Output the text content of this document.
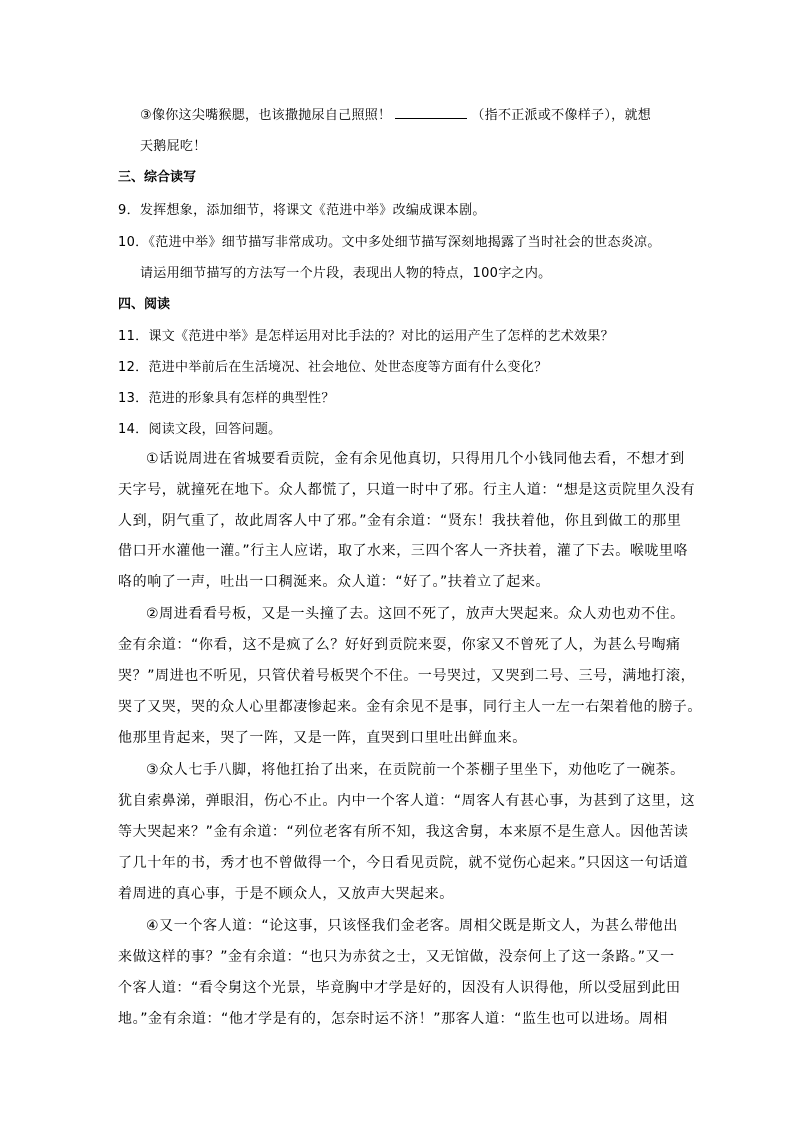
③像你这尖嘴猴腮，也该撒抛尿自己照照！	（指不正派或不像样子），就想
天鹅屁吃！
三、综合读写
9．发挥想象，添加细节，将课文《范进中举》改编成课本剧。
10．《范进中举》细节描写非常成功。文中多处细节描写深刻地揭露了当时社会的世态炎凉。
请运用细节描写的方法写一个片段，表现出人物的特点，100字之内。
四、阅读
11．课文《范进中举》是怎样运用对比手法的？对比的运用产生了怎样的艺术效果？
12．范进中举前后在生活境况、社会地位、处世态度等方面有什么变化？
13．范进的形象具有怎样的典型性？
14．阅读文段，回答问题。
①话说周进在省城要看贡院，金有余见他真切，只得用几个小钱同他去看，不想才到
天字号，就撞死在地下。众人都慌了，只道一时中了邪。行主人道：“想是这贡院里久没有
人到，阴气重了，故此周客人中了邪。”金有余道：“贤东！我扶着他，你且到做工的那里
借口开水灌他一灌。”行主人应诺，取了水来，三四个客人一齐扶着，灌了下去。喉咙里咯
咯的响了一声，吐出一口稠涎来。众人道：“好了。”扶着立了起来。
②周进看看号板，又是一头撞了去。这回不死了，放声大哭起来。众人劝也劝不住。
金有余道：“你看，这不是疯了么？好好到贡院来耍，你家又不曾死了人，为甚么号啕痛
哭？”周进也不听见，只管伏着号板哭个不住。一号哭过，又哭到二号、三号，满地打滚，
哭了又哭，哭的众人心里都凄惨起来。金有余见不是事，同行主人一左一右架着他的膀子。
他那里肯起来，哭了一阵，又是一阵，直哭到口里吐出鲜血来。
③众人七手八脚，将他扛抬了出来，在贡院前一个茶棚子里坐下，劝他吃了一碗茶。
犹自索鼻涕，弹眼泪，伤心不止。内中一个客人道：“周客人有甚心事，为甚到了这里，这
等大哭起来？”金有余道：“列位老客有所不知，我这舍舅，本来原不是生意人。因他苦读
了几十年的书，秀才也不曾做得一个，今日看见贡院，就不觉伤心起来。”只因这一句话道
着周进的真心事，于是不顾众人，又放声大哭起来。
④又一个客人道：“论这事，只该怪我们金老客。周相父既是斯文人，为甚么带他出
来做这样的事？”金有余道：“也只为赤贫之士，又无馆做，没奈何上了这一条路。”又一
个客人道：“看令舅这个光景，毕竟胸中才学是好的，因没有人识得他，所以受屈到此田
地。”金有余道：“他才学是有的，怎奈时运不济！”那客人道：“监生也可以进场。周相
